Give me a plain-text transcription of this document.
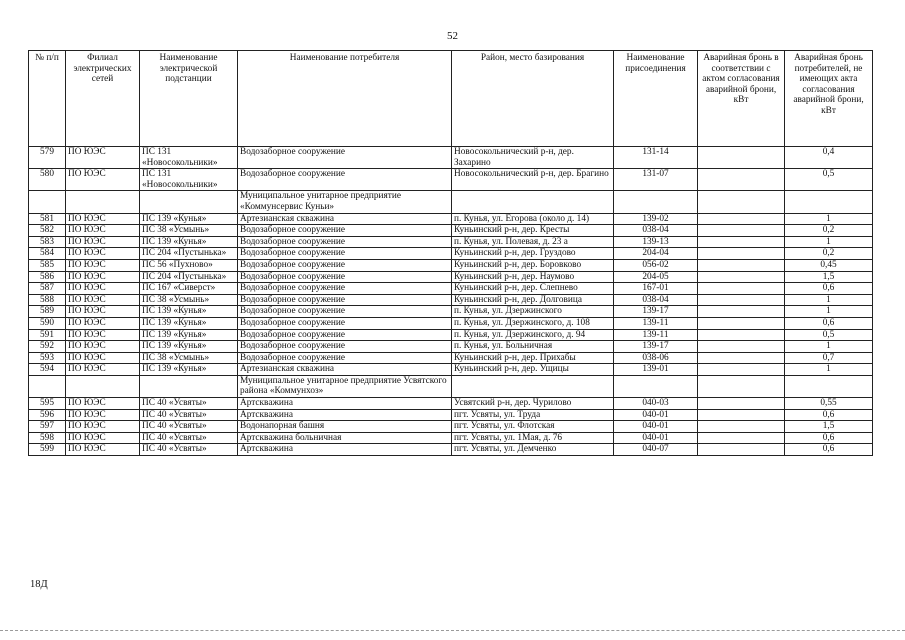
52
№ п/п	Филиал электрических сетей	Наименование электрической подстанции	Наименование потребителя	Район, место базирования	Наименование присоединения	Аварийная бронь в соответствии с актом согласования аварийной брони, кВт	Аварийная бронь потребителей, не имеющих акта согласования аварийной брони, кВт
579	ПО ЮЭС	ПС 131 «Новосокольники»	Водозаборное сооружение	Новосокольнический р-н, дер. Захарино	131-14		0,4
580	ПО ЮЭС	ПС 131 «Новосокольники»	Водозаборное сооружение	Новосокольнический р-н, дер. Брагино	131-07		0,5
			Муниципальное унитарное предприятие «Коммунсервис Куньи»				
581	ПО ЮЭС	ПС 139 «Кунья»	Артезианская скважина	п. Кунья, ул. Егорова (около д. 14)	139-02		1
582	ПО ЮЭС	ПС 38 «Усмынь»	Водозаборное сооружение	Куньинский р-н, дер. Кресты	038-04		0,2
583	ПО ЮЭС	ПС 139 «Кунья»	Водозаборное сооружение	п. Кунья, ул. Полевая, д. 23 а	139-13		1
584	ПО ЮЭС	ПС 204 «Пустынька»	Водозаборное сооружение	Куньинский р-н, дер. Груздово	204-04		0,2
585	ПО ЮЭС	ПС 56 «Пухново»	Водозаборное сооружение	Куньинский р-н, дер. Боровково	056-02		0,45
586	ПО ЮЭС	ПС 204 «Пустынька»	Водозаборное сооружение	Куньинский р-н, дер. Наумово	204-05		1,5
587	ПО ЮЭС	ПС 167 «Сиверст»	Водозаборное сооружение	Куньинский р-н, дер. Слепнево	167-01		0,6
588	ПО ЮЭС	ПС 38 «Усмынь»	Водозаборное сооружение	Куньинский р-н, дер. Долговица	038-04		1
589	ПО ЮЭС	ПС 139 «Кунья»	Водозаборное сооружение	п. Кунья, ул. Дзержинского	139-17		1
590	ПО ЮЭС	ПС 139 «Кунья»	Водозаборное сооружение	п. Кунья, ул. Дзержинского, д. 108	139-11		0,6
591	ПО ЮЭС	ПС 139 «Кунья»	Водозаборное сооружение	п. Кунья, ул. Дзержинского, д. 94	139-11		0,5
592	ПО ЮЭС	ПС 139 «Кунья»	Водозаборное сооружение	п. Кунья, ул. Больничная	139-17		1
593	ПО ЮЭС	ПС 38 «Усмынь»	Водозаборное сооружение	Куньинский р-н, дер. Прихабы	038-06		0,7
594	ПО ЮЭС	ПС 139 «Кунья»	Артезианская скважина	Куньинский р-н, дер. Ущицы	139-01		1
			Муниципальное унитарное предприятие Усвятского района «Коммунхоз»				
595	ПО ЮЭС	ПС 40 «Усвяты»	Артскважина	Усвятский р-н, дер. Чурилово	040-03		0,55
596	ПО ЮЭС	ПС 40 «Усвяты»	Артскважина	пгт. Усвяты, ул. Труда	040-01		0,6
597	ПО ЮЭС	ПС 40 «Усвяты»	Водонапорная башня	пгт. Усвяты, ул. Флотская	040-01		1,5
598	ПО ЮЭС	ПС 40 «Усвяты»	Артскважина больничная	пгт. Усвяты, ул. 1Мая, д. 76	040-01		0,6
599	ПО ЮЭС	ПС 40 «Усвяты»	Артскважина	пгт. Усвяты, ул. Демченко	040-07		0,6
18Д
